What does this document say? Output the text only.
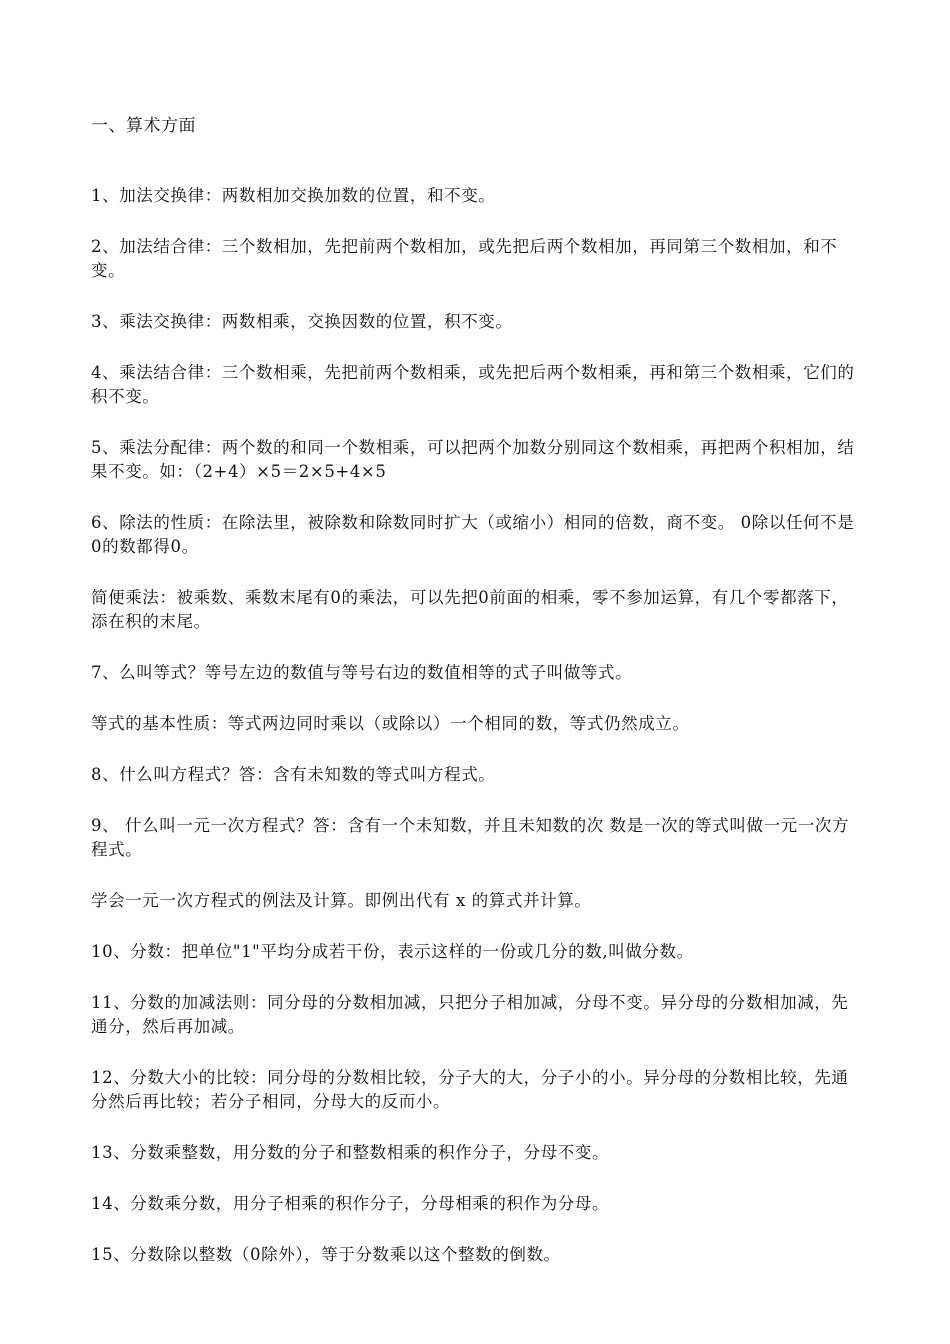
一、算术方面

1、加法交换律：两数相加交换加数的位置，和不变。

2、加法结合律：三个数相加，先把前两个数相加，或先把后两个数相加，再同第三个数相加，和不变。

3、乘法交换律：两数相乘，交换因数的位置，积不变。

4、乘法结合律：三个数相乘，先把前两个数相乘，或先把后两个数相乘，再和第三个数相乘，它们的积不变。

5、乘法分配律：两个数的和同一个数相乘，可以把两个加数分别同这个数相乘，再把两个积相加，结果不变。如：（2+4）×5＝2×5+4×5

6、除法的性质：在除法里，被除数和除数同时扩大（或缩小）相同的倍数，商不变。 0除以任何不是0的数都得0。

简便乘法：被乘数、乘数末尾有0的乘法，可以先把0前面的相乘，零不参加运算，有几个零都落下，添在积的末尾。

7、么叫等式？等号左边的数值与等号右边的数值相等的式子叫做等式。

等式的基本性质：等式两边同时乘以（或除以）一个相同的数，等式仍然成立。

8、什么叫方程式？答：含有未知数的等式叫方程式。

9、 什么叫一元一次方程式？答：含有一个未知数，并且未知数的次 数是一次的等式叫做一元一次方程式。

学会一元一次方程式的例法及计算。即例出代有 x 的算式并计算。

10、分数：把单位"1"平均分成若干份，表示这样的一份或几分的数,叫做分数。

11、分数的加减法则：同分母的分数相加减，只把分子相加减，分母不变。异分母的分数相加减，先通分，然后再加减。

12、分数大小的比较：同分母的分数相比较，分子大的大，分子小的小。异分母的分数相比较，先通分然后再比较；若分子相同，分母大的反而小。

13、分数乘整数，用分数的分子和整数相乘的积作分子，分母不变。

14、分数乘分数，用分子相乘的积作分子，分母相乘的积作为分母。

15、分数除以整数（0除外），等于分数乘以这个整数的倒数。
